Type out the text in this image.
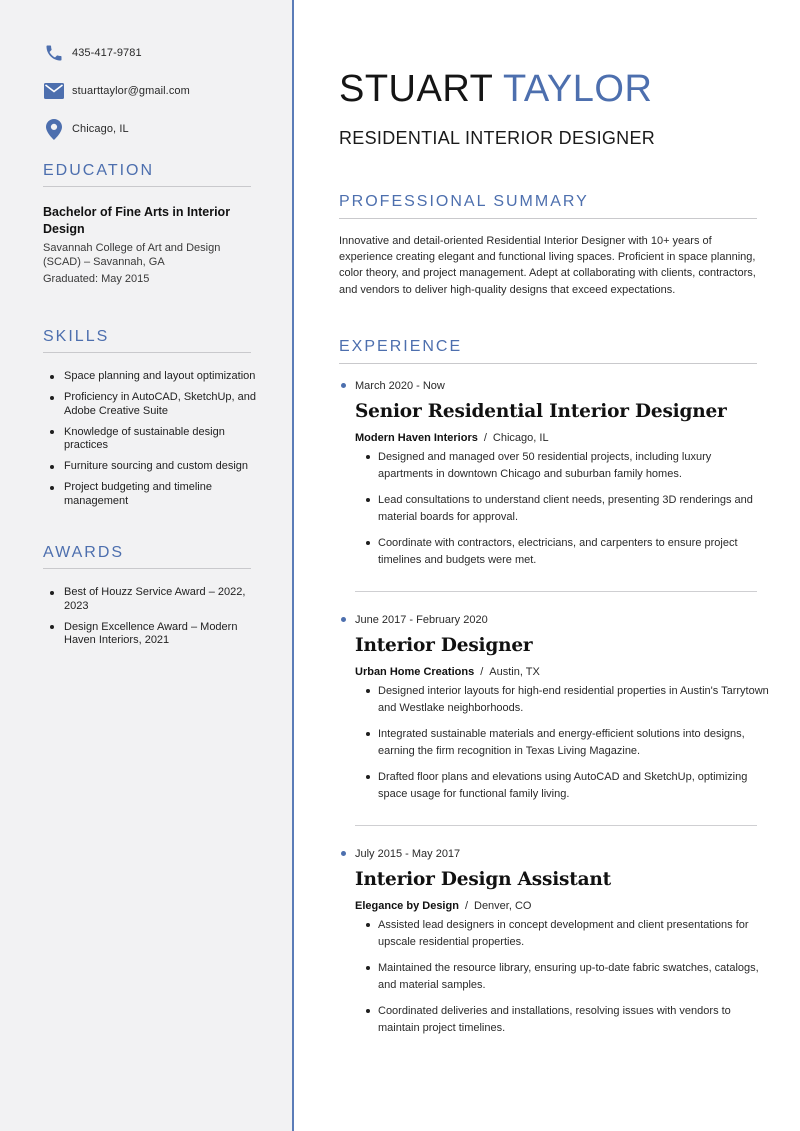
435-417-9781
stuarttaylor@gmail.com
Chicago, IL
EDUCATION
Bachelor of Fine Arts in Interior Design
Savannah College of Art and Design (SCAD) – Savannah, GA
Graduated: May 2015
SKILLS
Space planning and layout optimization
Proficiency in AutoCAD, SketchUp, and Adobe Creative Suite
Knowledge of sustainable design practices
Furniture sourcing and custom design
Project budgeting and timeline management
AWARDS
Best of Houzz Service Award – 2022, 2023
Design Excellence Award – Modern Haven Interiors, 2021
STUART TAYLOR
RESIDENTIAL INTERIOR DESIGNER
PROFESSIONAL SUMMARY
Innovative and detail-oriented Residential Interior Designer with 10+ years of experience creating elegant and functional living spaces. Proficient in space planning, color theory, and project management. Adept at collaborating with clients, contractors, and vendors to deliver high-quality designs that exceed expectations.
EXPERIENCE
March 2020 - Now
Senior Residential Interior Designer
Modern Haven Interiors / Chicago, IL
Designed and managed over 50 residential projects, including luxury apartments in downtown Chicago and suburban family homes.
Lead consultations to understand client needs, presenting 3D renderings and material boards for approval.
Coordinate with contractors, electricians, and carpenters to ensure project timelines and budgets were met.
June 2017 - February 2020
Interior Designer
Urban Home Creations / Austin, TX
Designed interior layouts for high-end residential properties in Austin's Tarrytown and Westlake neighborhoods.
Integrated sustainable materials and energy-efficient solutions into designs, earning the firm recognition in Texas Living Magazine.
Drafted floor plans and elevations using AutoCAD and SketchUp, optimizing space usage for functional family living.
July 2015 - May 2017
Interior Design Assistant
Elegance by Design / Denver, CO
Assisted lead designers in concept development and client presentations for upscale residential properties.
Maintained the resource library, ensuring up-to-date fabric swatches, catalogs, and material samples.
Coordinated deliveries and installations, resolving issues with vendors to maintain project timelines.
